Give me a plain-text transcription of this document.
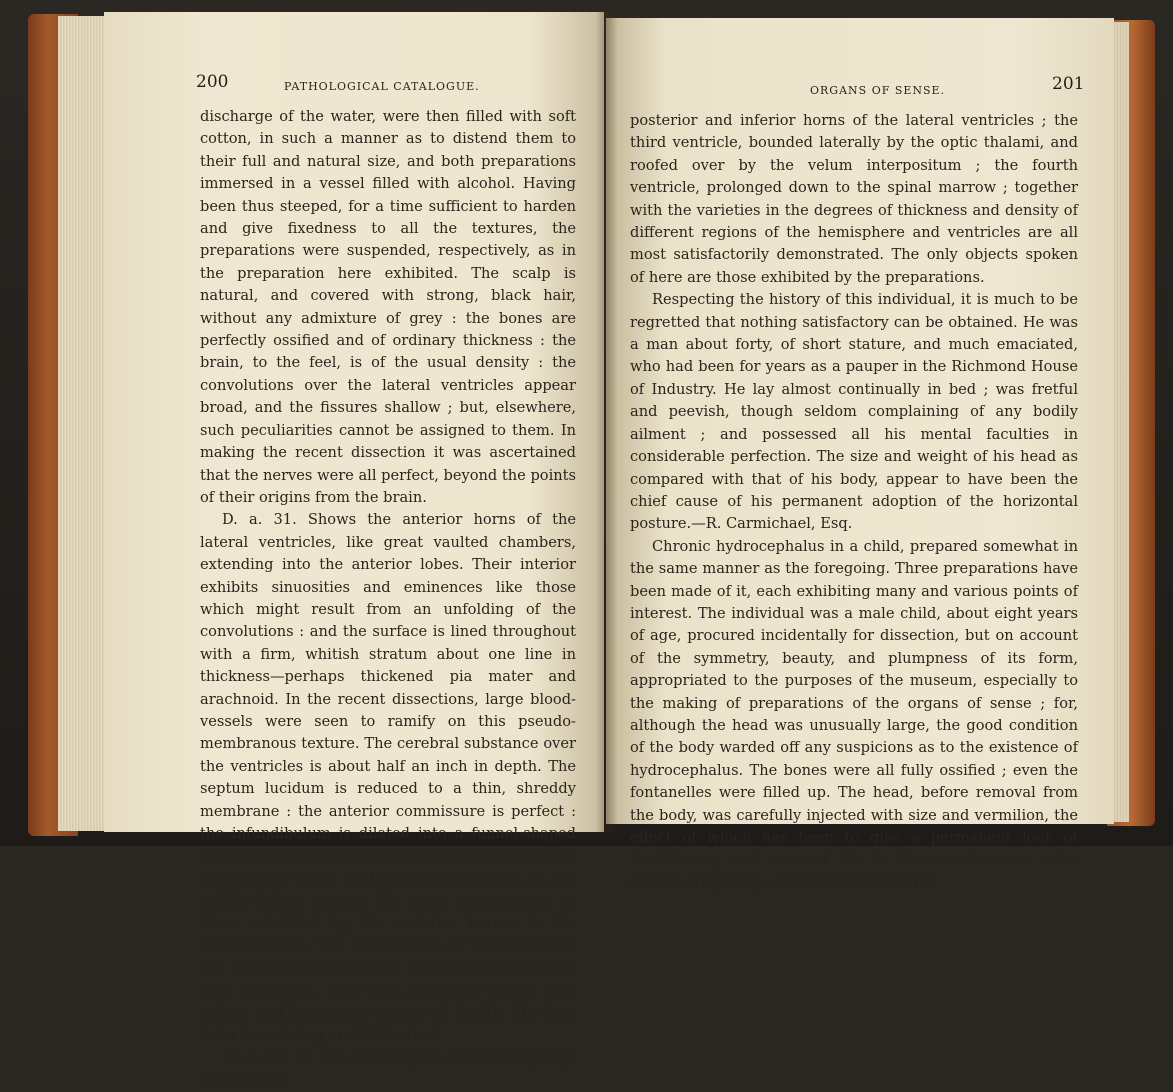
200	PATHOLOGICAL CATALOGUE.

discharge of the water, were then filled with soft cotton, in such a manner as to distend them to their full and natural size, and both preparations immersed in a vessel filled with alcohol. Having been thus steeped, for a time sufficient to harden and give fixedness to all the textures, the preparations were suspended, respectively, as in the preparation here exhibited. The scalp is natural, and covered with strong, black hair, without any admixture of grey : the bones are perfectly ossified and of ordinary thickness : the brain, to the feel, is of the usual density : the convolutions over the lateral ventricles appear broad, and the fissures shallow ; but, elsewhere, such peculiarities cannot be assigned to them. In making the recent dissection it was ascertained that the nerves were all perfect, beyond the points of their origins from the brain.

D. a. 31. Shows the anterior horns of the lateral ventricles, like great vaulted chambers, extending into the anterior lobes. Their interior exhibits sinuosities and eminences like those which might result from an unfolding of the convolutions : and the surface is lined throughout with a firm, whitish stratum about one line in thickness—perhaps thickened pia mater and arachnoid. In the recent dissections, large blood-vessels were seen to ramify on this pseudo-membranous texture. The cerebral substance over the ventricles is about half an inch in depth. The septum lucidum is reduced to a thin, shreddy membrane : the anterior commissure is perfect : the infundibulum is dilated into a funnel-shaped bag, with the apex attached to the pituitary gland. The inferior horns of the lateral ventricles, in the middle lobes, present the same appearances as those exhibited by the anterior horns, in the anterior lobes. The membranes on the outside of the brain are every where normal and in contact with the skull. The ears, posterior nares, soft palate, and tongue are preserved in situ. The face is far from being un-intellectual.

D. a. 32. Is the counterpart of the foregoing. The dilated

ORGANS OF SENSE.	201

posterior and inferior horns of the lateral ventricles ; the third ventricle, bounded laterally by the optic thalami, and roofed over by the velum interpositum ; the fourth ventricle, prolonged down to the spinal marrow ; together with the varieties in the degrees of thickness and density of different regions of the hemisphere and ventricles are all most satisfactorily demonstrated. The only objects spoken of here are those exhibited by the preparations.

Respecting the history of this individual, it is much to be regretted that nothing satisfactory can be obtained. He was a man about forty, of short stature, and much emaciated, who had been for years as a pauper in the Richmond House of Industry. He lay almost continually in bed ; was fretful and peevish, though seldom complaining of any bodily ailment ; and possessed all his mental faculties in considerable perfection. The size and weight of his head as compared with that of his body, appear to have been the chief cause of his permanent adoption of the horizontal posture.—R. Carmichael, Esq.

Chronic hydrocephalus in a child, prepared somewhat in the same manner as the foregoing. Three preparations have been made of it, each exhibiting many and various points of interest. The individual was a male child, about eight years of age, procured incidentally for dissection, but on account of the symmetry, beauty, and plumpness of its form, appropriated to the purposes of the museum, especially to the making of preparations of the organs of sense ; for, although the head was unusually large, the good condition of the body warded off any suspicions as to the existence of hydrocephalus. The bones were all fully ossified ; even the fontanelles were filled up. The head, before removal from the body, was carefully injected with size and vermilion, the effect of which has been to give a permanent look of healthiness, and even of life to the countenance : the cheeks are plump ; the nose beautiful for
